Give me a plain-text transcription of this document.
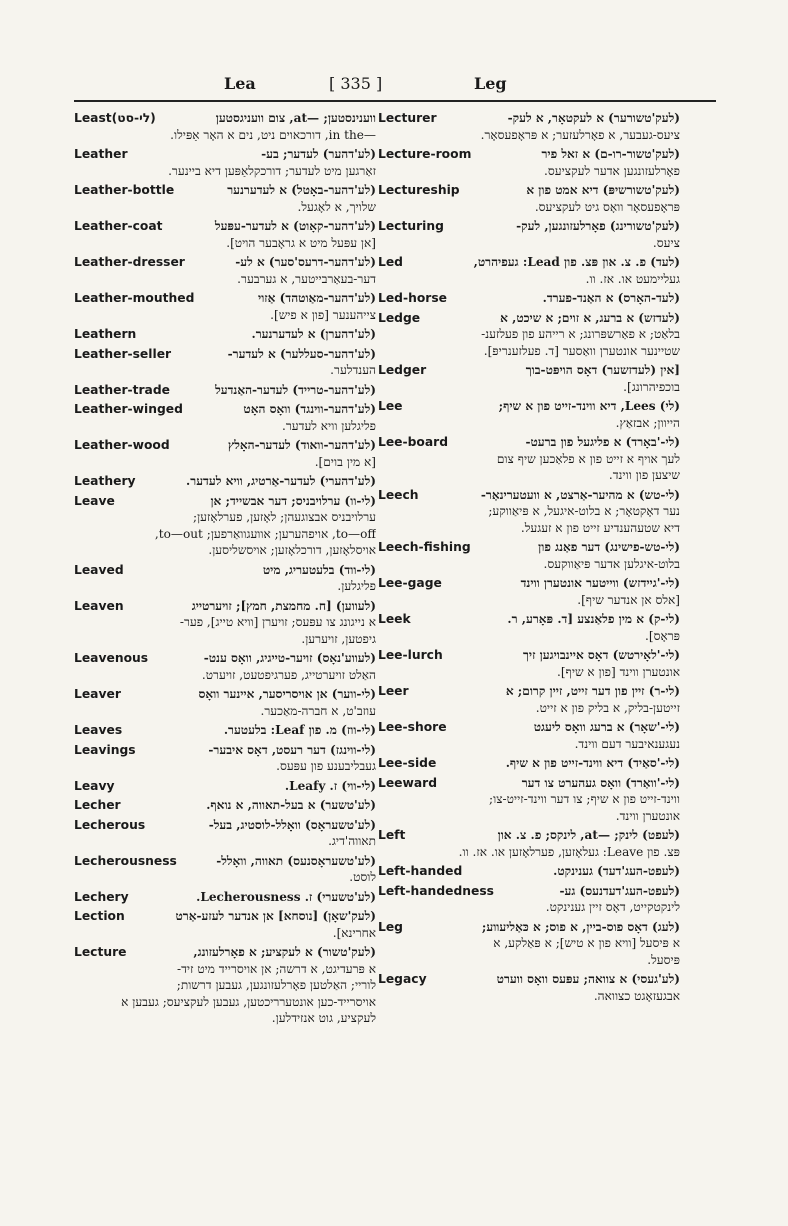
Leg
[ 335 ]
Lea
Least(לי-סט)	ווענינסטען; —at, צום וועניגסטען
—in the, דורכאוים ניט, נים א האָר אַפּילו.
Leather	(לע'דהער) לעדער; בע-
זאַרגען מיט לעדער; דורכקלאַפּען דיא ביינער.
Leather-bottle	(לע'דהער-באָטל) א לעדערנער
שלויך, א לאָגעל.
Leather-coat	(לע'דהער-קאָוט) א לעדער-עפּעל
[אן עפּעל מיט א גראָבער הויט].
Leather-dresser	(לע'דהער-דרעס'סער) א לע-
דער-בעאַרבייטער, א גערבער.
Leather-mouthed	(לע'דהער-מאַוטהד) אַזוי
צייהענער [פון א פיש].
Leathern	(לע'דהערן) א לעדערנער.
Leather-seller	(לע'דהער-סעללער) א לעדער-
הענדלער.
Leather-trade	(לע'דהער-טרייד) לעדער-האַנדעל
Leather-winged	(לע'דהער-ווינגד) וואָס האָט
פליגלען וויא לעדער.
Leather-wood	(לע'דהער-וואוד) לעדער-האָלץ
[א מין בוים].
Leathery	(לע'דהערי) לעדער-אַרטיג, וויא לעדער.
Leave	(לי-וו) ערלויבניס; דער אבשייד; אן
ערלויבניס אבצוגעהן; לאָזען, פערלאָזען;
to—off, אויפהערען; אוועגוואַרפען; to—out,
אויסלאָזען, דורכלאָזען; אויסשליסען.
Leaved	(לי-ווד) בלעטעריג, מיט
פליגלען.
Leaven	(לעווען) [ח. מחמצת, חמץ]; זויערטייג
א נייגונג צו עפּעס; זויערן [וויא טייג], פער-
גיפטען, זויערען.
Leavenous	(לעווע'נאָס) זויער-טייגיג, וואָס ענט-
האַלט זויערטייג, פערגיפטעט, זויערט.
Leaver	(לי-ווער) אן אויסריסער, איינער וואָס
עוזב'ט, א חברה-מאַכער.
Leaves	(לי-ווז) מ. פון Leaf: בלעטער.
Leavings	(לי-ווינגז) דער רעסט, דאָס איבער-
געבליבענע פון עפּעס.
Leavy	(לי-ווי) ז. Leafy.
Lecher	(לע'טשער) א בעל-תאווה, א נואף.
Lecherous	(לע'טשעראָס) וואָלל-לוסטיג, בעל-
תאווה'דיג.
Lecherousness	(לע'טשעראָסנעס) תאווה, וואָלל-
לוסט.
Lechery	(לע'טשערי) ז. Lecherousness.
Lection	(לעק'שאָן) [נוסחא] אן אנדער לעזע-אַרט
אחרינא].
Lecture	(לעק'טשור) א לעקציע; א פאָרלעזונג,
א פּרעדיגט, א דרשה; אן אויסרייד מיט זיד-
לוריי; האַלטען פאָרלעזונגען, געבען דרשות;
אויסרייד-כען אונטערריכטען, געבען לעקציעס; געבען א
לעקציע, גוט אנזידלען.
Lecturer	(לעק'טשורער) א לעקטאָר, א לעק-
ציעס-געבער, א פאָרלעזער; א פּראָפעסאָר.
Lecture-room	(לעק'טשור-רו-ם) א זאל פיר
פאָרלעזונגען אדער לעקציעס.
Lectureship	(לעק'טשורשיפּ) דיא אמט פון א
פּראָפעסאָר וואָס גיט לעקציעס.
Lecturing	(לעק'טשורינג) פאָרלעזונגען, לעק-
ציעס.
Led	(לעד) פ. צ. און פּצ. פון Lead: געפיהרט,
געליימעט או. אז. וו.
Led-horse	(לעד-האָרס) א האַנד-פערד.
Ledge	(לעדזש) א ברעג, א זוים; א שיכט, א
בלאַט; א פאַרשפּרונג; א רייהע פון פעלזענ-
שטיינער אונטערן וואַסער [ד. פעלזענריפּ].
Ledger	[אין (לעדזשער) דאָס הויפּט-בוך
בוכפיהרונג].
Lee	(לי) Lees, דיא ווינד-זייט פון א שיף;
הייוון; אבזאַץ.
Lee-board	(לי-'באָרד) א פליגעל פון ברעט-
לעך אויף א זייט פון א פלאַכען שיף צום
שיצען פון ווינד.
Leech	(לי-טש) א מהיער-אַרצט, א וועטערינאַר-
נער דאָקטאָר; א בלוט-איגעל, א פּיאַווקע;
דיא שטעהענדיע זייט פון א זעגעל.
Leech-fishing	(לי-טש-פישינג) דער פאַנג פון
בלוט-איגלען אדער פּיאַווקעס.
Lee-gage	(לי-'גיידזש) ווייטער אונטערן ווינד
[אלס אן אנדער שיף].
Leek	(לי-ק) א מין פלאַנצע [ד. פּאָרע, ר.
פּראָס].
Lee-lurch	(לי-'לאָירטש) דאָס איינבויגען זיך
אונטערן ווינד [פון א שיף].
Leer	(לי-ר) זיין פון דער זייט, זיין קרום; א
זייטען-בליק, א בליק פון א זייט.
Lee-shore	(לי-'שאָר) א ברעג וואָס ליעגט
נעגענאיבער דעם ווינד.
Lee-side	(לי-'סאַיד) דיא ווינד-זייט פון א שיף.
Leeward	(לי-'וואַרד) וואָס געהערט צו דער
ווינד-זייט פון א שיף; צו דער ווינד-זייט-צו;
אונטערן ווינד.
Left	(לעפט) לינק; —at, לינקס; פ. צ. און
פּצ. פון Leave: געלאָזען, פערלאָזען או. אז. וו.
Left-handed	(לעפט-העג'דעד) גענינקט.
Left-handedness	(לעפט-העג'דעדנעס) גע-
לינקטקייט, דאָס זיין גענינקט.
Leg	(לעג) דאָס פוס-ביין, א פוס; א כּאַליעווע;
א פּיסעל [וויא פון א טיש]; א פּאַלקע, א
פּיסעל.
Legacy	(לע'געסי) א צוואה; עפּעס וואָס ווערט
אבגעזאָגט כצוואה.
